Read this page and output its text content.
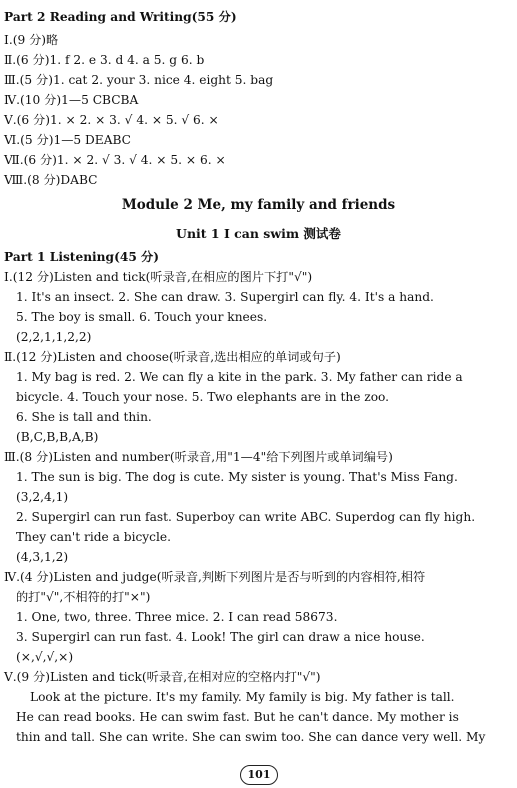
Part 2 Reading and Writing(55 分)
Ⅰ.(9 分)略
Ⅱ.(6 分)1. f 2. e 3. d 4. a 5. g 6. b
Ⅲ.(5 分)1. cat 2. your 3. nice 4. eight 5. bag
Ⅳ.(10 分)1—5 CBCBA
Ⅴ.(6 分)1. × 2. × 3. √ 4. × 5. √ 6. ×
Ⅵ.(5 分)1—5 DEABC
Ⅶ.(6 分)1. × 2. √ 3. √ 4. × 5. × 6. ×
Ⅷ.(8 分)DABC
Module 2 Me, my family and friends
Unit 1 I can swim 测试卷
Part 1 Listening(45 分)
Ⅰ.(12 分)Listen and tick(听录音,在相应的图片下打"√")
1. It's an insect. 2. She can draw. 3. Supergirl can fly. 4. It's a hand.
5. The boy is small. 6. Touch your knees.
(2,2,1,1,2,2)
Ⅱ.(12 分)Listen and choose(听录音,选出相应的单词或句子)
1. My bag is red. 2. We can fly a kite in the park. 3. My father can ride a
bicycle. 4. Touch your nose. 5. Two elephants are in the zoo.
6. She is tall and thin.
(B,C,B,B,A,B)
Ⅲ.(8 分)Listen and number(听录音,用"1—4"给下列图片或单词编号)
1. The sun is big. The dog is cute. My sister is young. That's Miss Fang.
(3,2,4,1)
2. Supergirl can run fast. Superboy can write ABC. Superdog can fly high.
They can't ride a bicycle.
(4,3,1,2)
Ⅳ.(4 分)Listen and judge(听录音,判断下列图片是否与听到的内容相符,相符
的打"√",不相符的打"×")
1. One, two, three. Three mice. 2. I can read 58673.
3. Supergirl can run fast. 4. Look! The girl can draw a nice house.
(×,√,√,×)
Ⅴ.(9 分)Listen and tick(听录音,在相对应的空格内打"√")
Look at the picture. It's my family. My family is big. My father is tall.
He can read books. He can swim fast. But he can't dance. My mother is
thin and tall. She can write. She can swim too. She can dance very well. My
101
